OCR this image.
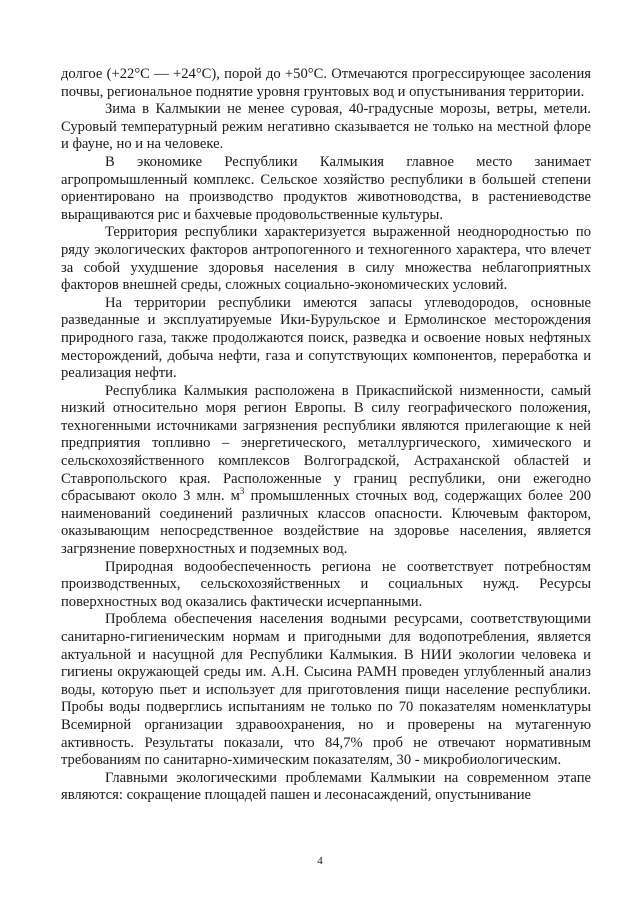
долгое (+22°С — +24°С), порой до +50°С. Отмечаются прогрессирующее засоления почвы, региональное поднятие уровня грунтовых вод и опустынивания территории.

Зима в Калмыкии не менее суровая, 40-градусные морозы, ветры, метели. Суровый температурный режим негативно сказывается не только на местной флоре и фауне, но и на человеке.

В экономике Республики Калмыкия главное место занимает агропромышленный комплекс. Сельское хозяйство республики в большей степени ориентировано на производство продуктов животноводства, в растениеводстве выращиваются рис и бахчевые продовольственные культуры.

Территория республики характеризуется выраженной неоднородностью по ряду экологических факторов антропогенного и техногенного характера, что влечет за собой ухудшение здоровья населения в силу множества неблагоприятных факторов внешней среды, сложных социально-экономических условий.

На территории республики имеются запасы углеводородов, основные разведанные и эксплуатируемые Ики-Бурульское и Ермолинское месторождения природного газа, также продолжаются поиск, разведка и освоение новых нефтяных месторождений, добыча нефти, газа и сопутствующих компонентов, переработка и реализация нефти.

Республика Калмыкия расположена в Прикаспийской низменности, самый низкий относительно моря регион Европы. В силу географического положения, техногенными источниками загрязнения республики являются прилегающие к ней предприятия топливно – энергетического, металлургического, химического и сельскохозяйственного комплексов Волгоградской, Астраханской областей и Ставропольского края. Расположенные у границ республики, они ежегодно сбрасывают около 3 млн. $м^3$ промышленных сточных вод, содержащих более 200 наименований соединений различных классов опасности. Ключевым фактором, оказывающим непосредственное воздействие на здоровье населения, является загрязнение поверхностных и подземных вод.

Природная водообеспеченность региона не соответствует потребностям производственных, сельскохозяйственных и социальных нужд. Ресурсы поверхностных вод оказались фактически исчерпанными.

Проблема обеспечения населения водными ресурсами, соответствующими санитарно-гигиеническим нормам и пригодными для водопотребления, является актуальной и насущной для Республики Калмыкия. В НИИ экологии человека и гигиены окружающей среды им. А.Н. Сысина РАМН проведен углубленный анализ воды, которую пьет и использует для приготовления пищи население республики. Пробы воды подверглись испытаниям не только по 70 показателям номенклатуры Всемирной организации здравоохранения, но и проверены на мутагенную активность. Результаты показали, что 84,7% проб не отвечают нормативным требованиям по санитарно-химическим показателям, 30 - микробиологическим.

Главными экологическими проблемами Калмыкии на современном этапе являются: сокращение площадей пашен и лесонасаждений, опустынивание

4
